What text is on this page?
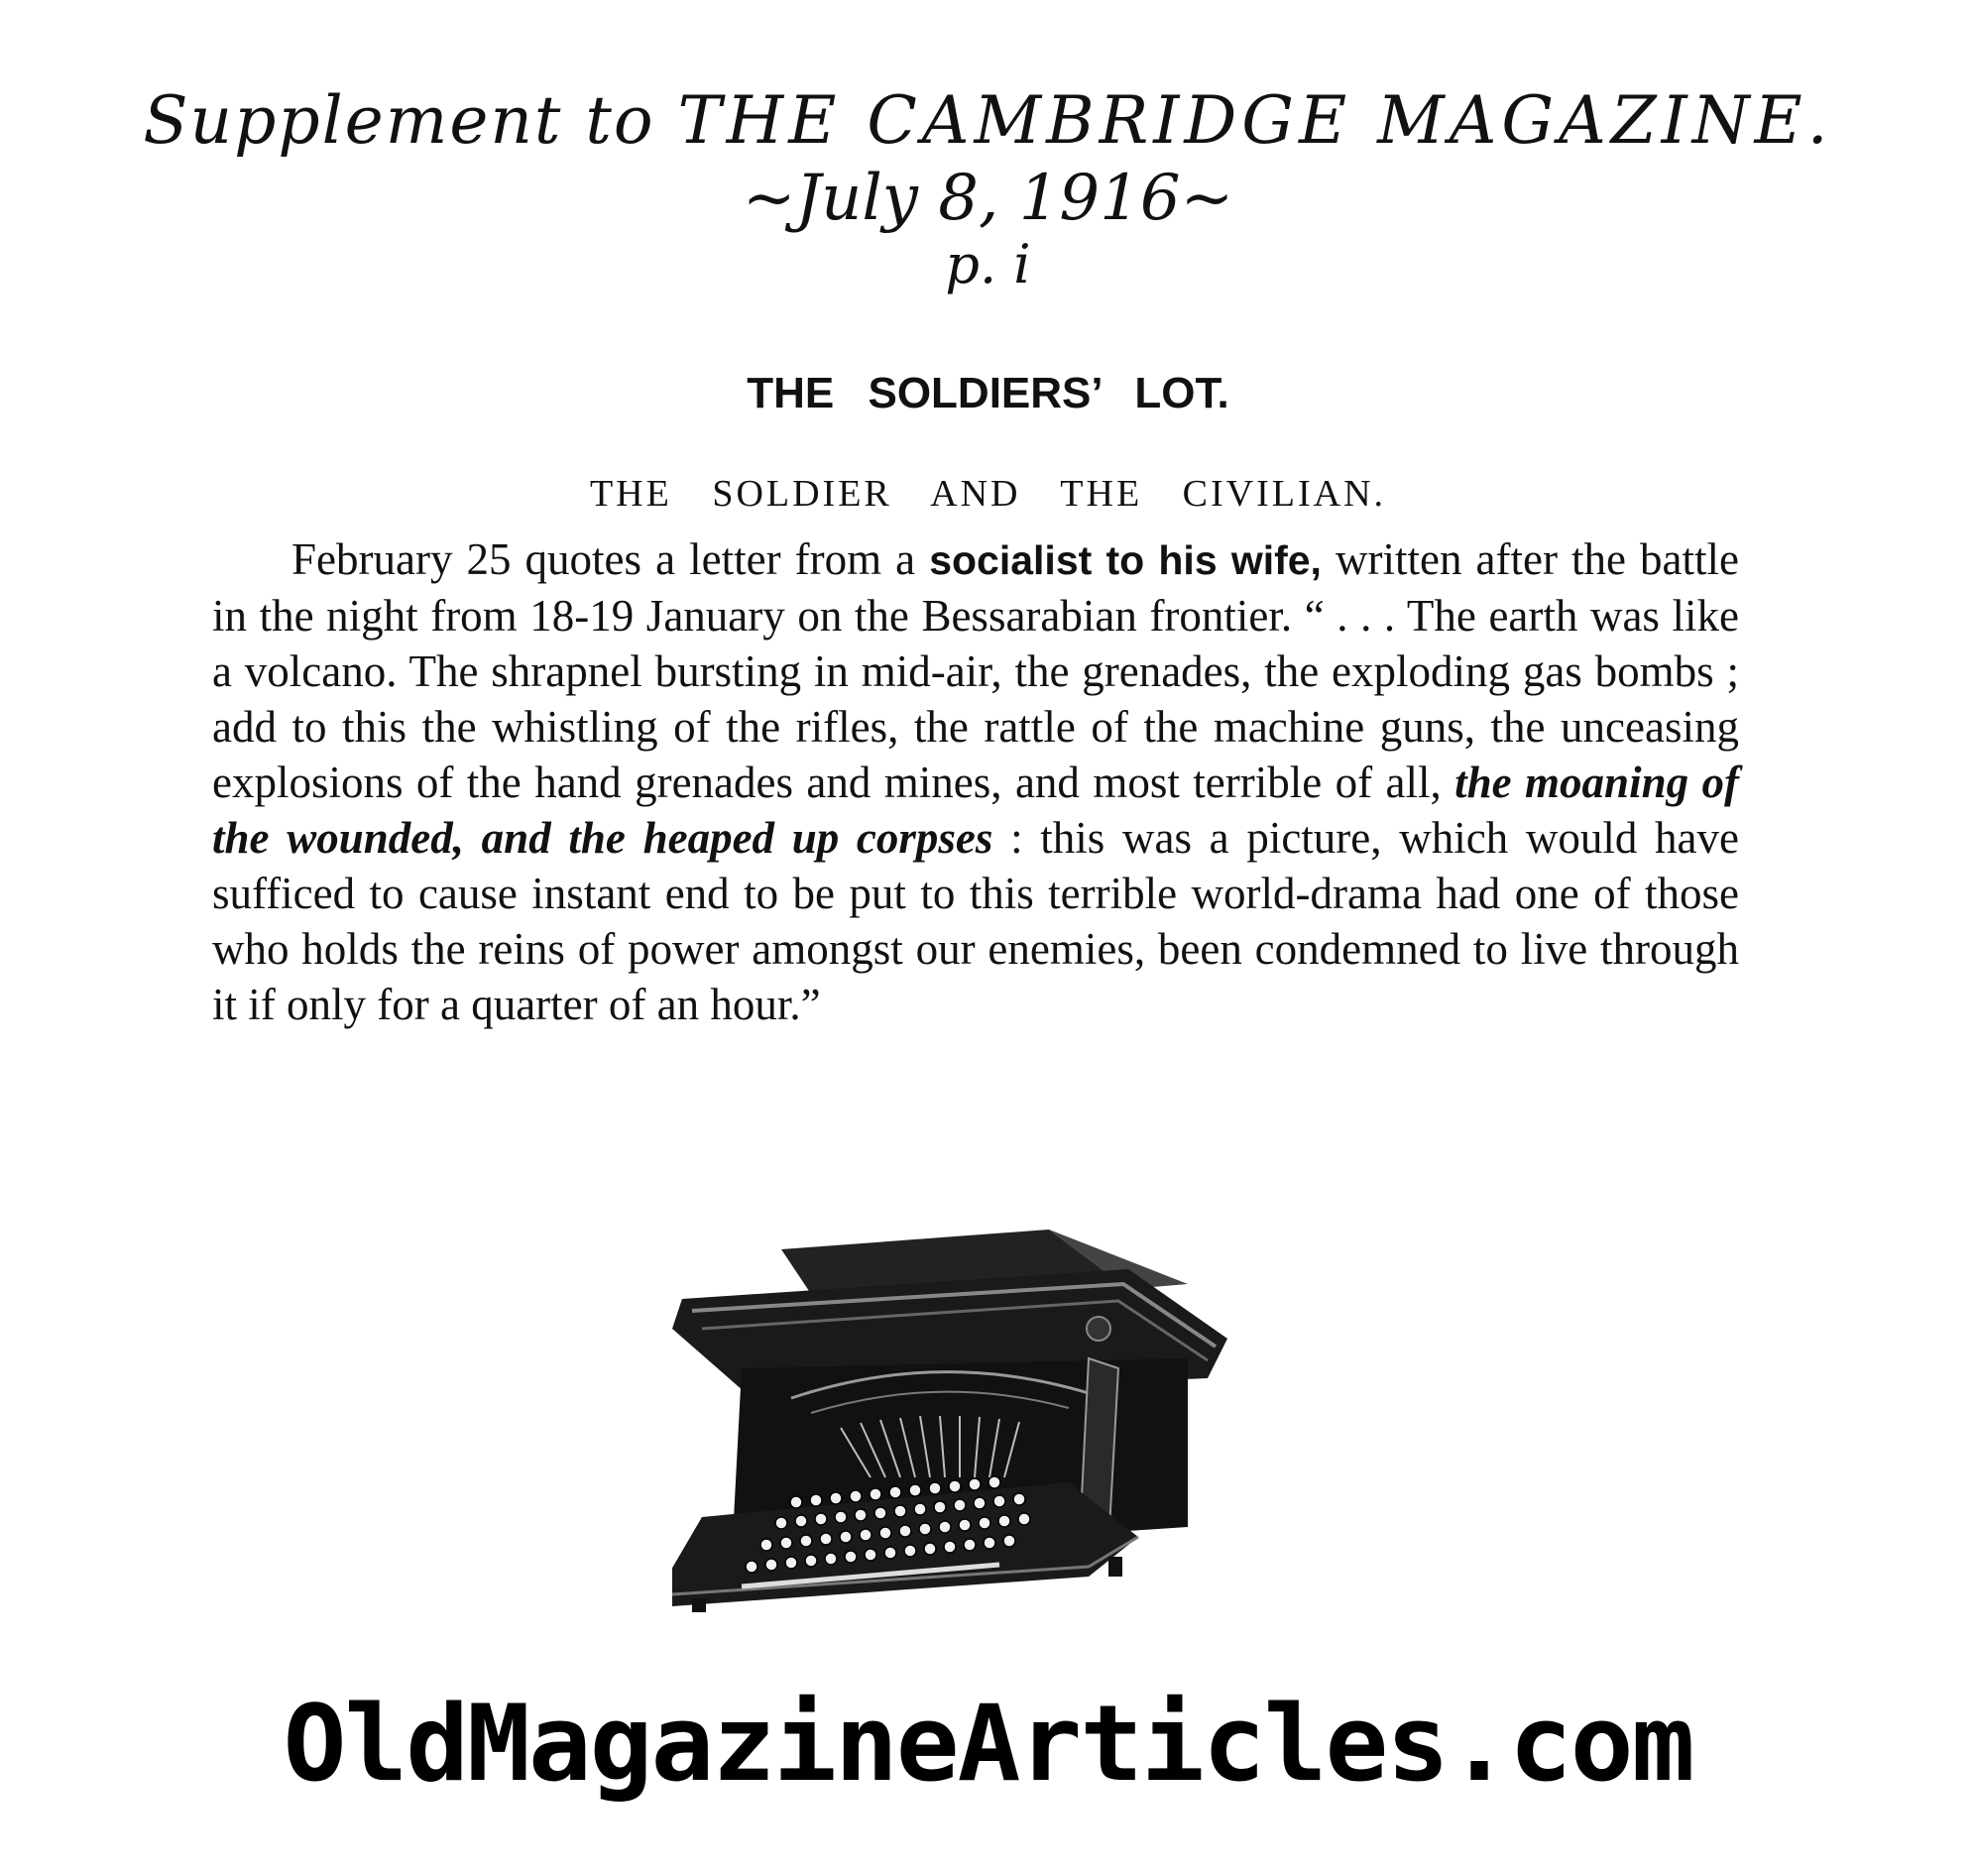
Supplement to THE CAMBRIDGE MAGAZINE.
~July 8, 1916~
p. i
THE SOLDIERS’ LOT.
THE SOLDIER AND THE CIVILIAN.

February 25 quotes a letter from a socialist to his wife, written after the battle in the night from 18-19 January on the Bessarabian frontier. “ . . . The earth was like a volcano. The shrapnel bursting in mid-air, the grenades, the exploding gas bombs ; add to this the whistling of the rifles, the rattle of the machine guns, the unceasing explosions of the hand grenades and mines, and most terrible of all, the moaning of the wounded, and the heaped up corpses : this was a picture, which would have sufficed to cause instant end to be put to this terrible world-drama had one of those who holds the reins of power amongst our enemies, been condemned to live through it if only for a quarter of an hour.”

OldMagazineArticles.com
